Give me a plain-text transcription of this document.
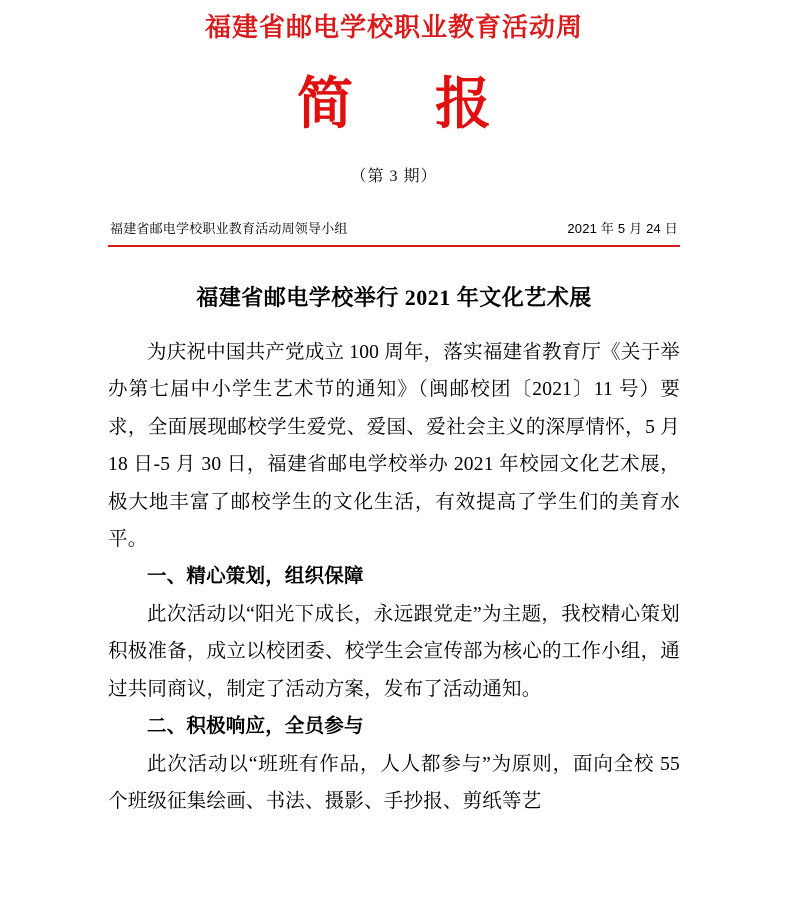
福建省邮电学校职业教育活动周
简 报
（第 3 期）
福建省邮电学校职业教育活动周领导小组	2021 年 5 月 24 日
福建省邮电学校举行 2021 年文化艺术展

为庆祝中国共产党成立 100 周年，落实福建省教育厅《关于举办第七届中小学生艺术节的通知》（闽邮校团〔2021〕11 号）要求，全面展现邮校学生爱党、爱国、爱社会主义的深厚情怀，5 月 18 日-5 月 30 日，福建省邮电学校举办 2021 年校园文化艺术展，极大地丰富了邮校学生的文化生活，有效提高了学生们的美育水平。

一、精心策划，组织保障

此次活动以“阳光下成长，永远跟党走”为主题，我校精心策划积极准备，成立以校团委、校学生会宣传部为核心的工作小组，通过共同商议，制定了活动方案，发布了活动通知。

二、积极响应，全员参与

此次活动以“班班有作品，人人都参与”为原则，面向全校 55 个班级征集绘画、书法、摄影、手抄报、剪纸等艺
